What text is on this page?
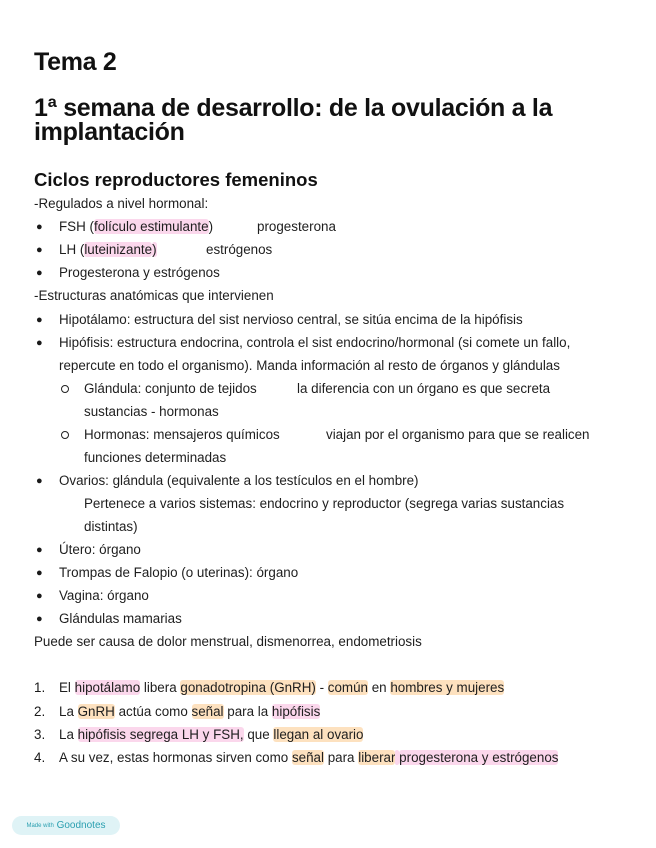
Tema 2
1ª semana de desarrollo: de la ovulación a la
implantación
Ciclos reproductores femeninos
-Regulados a nivel hormonal:
● FSH (folículo estimulante)	progesterona
● LH (luteinizante)	estrógenos
● Progesterona y estrógenos
-Estructuras anatómicas que intervienen
● Hipotálamo: estructura del sist nervioso central, se sitúa encima de la hipófisis
● Hipófisis: estructura endocrina, controla el sist endocrino/hormonal (si comete un fallo,
repercute en todo el organismo). Manda información al resto de órganos y glándulas
Glándula: conjunto de tejidos	la diferencia con un órgano es que secreta
sustancias - hormonas
Hormonas: mensajeros químicos	viajan por el organismo para que se realicen
funciones determinadas
● Ovarios: glándula (equivalente a los testículos en el hombre)
Pertenece a varios sistemas: endocrino y reproductor (segrega varias sustancias
distintas)
● Útero: órgano
● Trompas de Falopio (o uterinas): órgano
● Vagina: órgano
● Glándulas mamarias
Puede ser causa de dolor menstrual, dismenorrea, endometriosis
1. El hipotálamo libera gonadotropina (GnRH) - común en hombres y mujeres
2. La GnRH actúa como señal para la hipófisis
3. La hipófisis segrega LH y FSH, que llegan al ovario
4. A su vez, estas hormonas sirven como señal para liberar progesterona y estrógenos
Made with Goodnotes
